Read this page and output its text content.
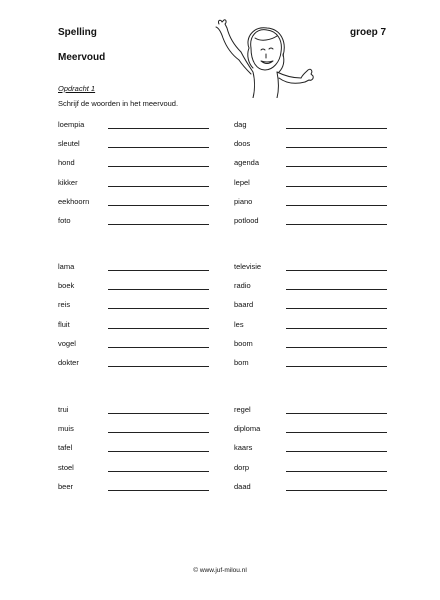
Spelling	groep 7
Meervoud
Opdracht 1
Schrijf de woorden in het meervoud.
loempia
sleutel
hond
kikker
eekhoorn
foto
dag
doos
agenda
lepel
piano
potlood
lama
boek
reis
fluit
vogel
dokter
televisie
radio
baard
les
boom
bom
trui
muis
tafel
stoel
beer
regel
diploma
kaars
dorp
daad
© www.juf-milou.nl
